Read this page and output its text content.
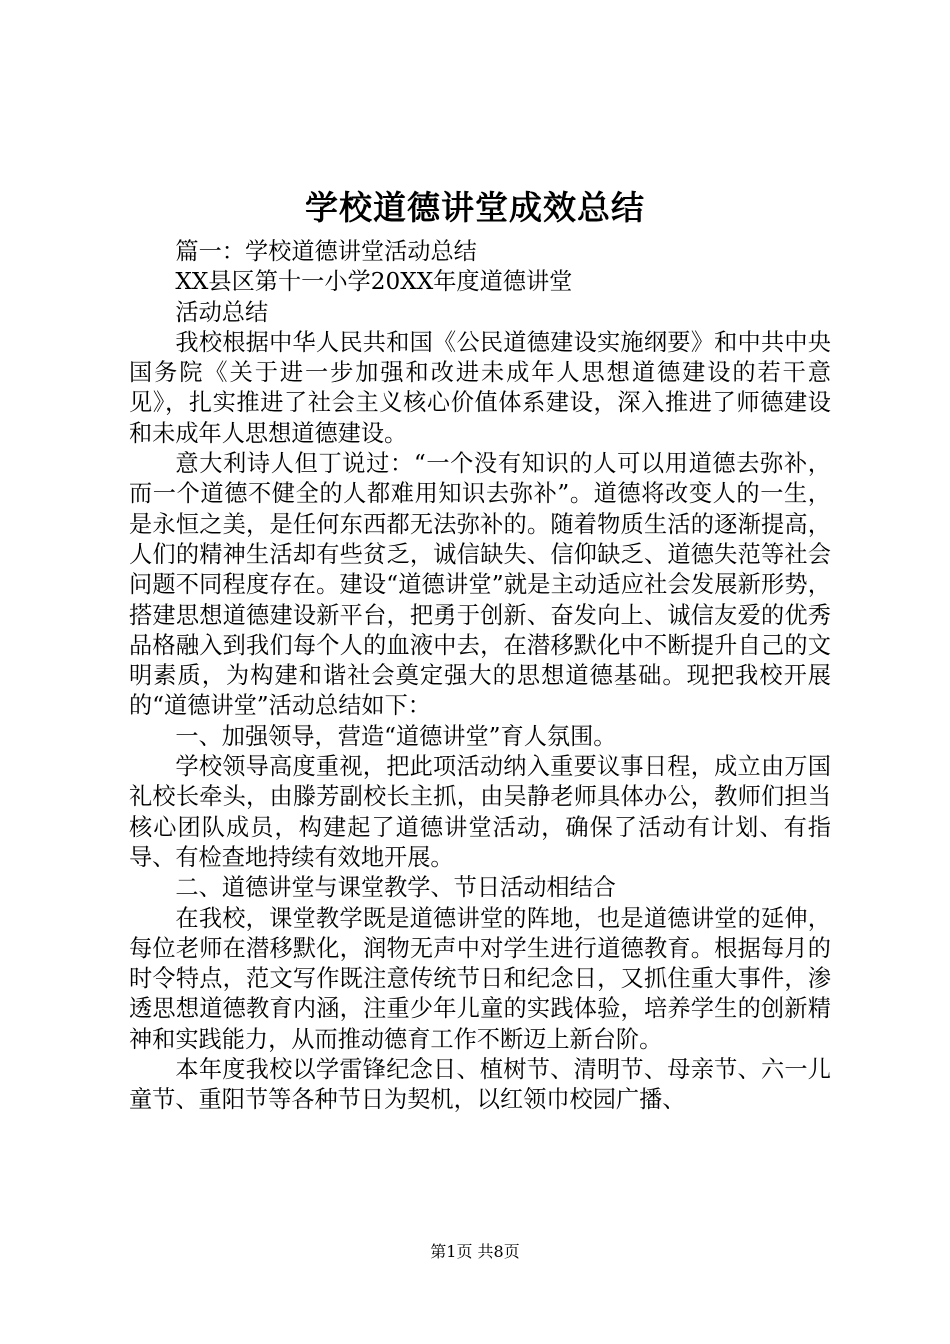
学校道德讲堂成效总结

篇一：学校道德讲堂活动总结

XX县区第十一小学20XX年度道德讲堂

活动总结

我校根据中华人民共和国《公民道德建设实施纲要》和中共中央国务院《关于进一步加强和改进未成年人思想道德建设的若干意见》，扎实推进了社会主义核心价值体系建设，深入推进了师德建设和未成年人思想道德建设。

意大利诗人但丁说过：“一个没有知识的人可以用道德去弥补，而一个道德不健全的人都难用知识去弥补”。道德将改变人的一生，是永恒之美，是任何东西都无法弥补的。随着物质生活的逐渐提高，人们的精神生活却有些贫乏，诚信缺失、信仰缺乏、道德失范等社会问题不同程度存在。建设“道德讲堂”就是主动适应社会发展新形势，搭建思想道德建设新平台，把勇于创新、奋发向上、诚信友爱的优秀品格融入到我们每个人的血液中去，在潜移默化中不断提升自己的文明素质，为构建和谐社会奠定强大的思想道德基础。现把我校开展的“道德讲堂”活动总结如下：

一、加强领导，营造“道德讲堂”育人氛围。

学校领导高度重视，把此项活动纳入重要议事日程，成立由万国礼校长牵头，由滕芳副校长主抓，由吴静老师具体办公，教师们担当核心团队成员，构建起了道德讲堂活动，确保了活动有计划、有指导、有检查地持续有效地开展。

二、道德讲堂与课堂教学、节日活动相结合

在我校，课堂教学既是道德讲堂的阵地，也是道德讲堂的延伸，每位老师在潜移默化，润物无声中对学生进行道德教育。根据每月的时令特点，范文写作既注意传统节日和纪念日，又抓住重大事件，渗透思想道德教育内涵，注重少年儿童的实践体验，培养学生的创新精神和实践能力，从而推动德育工作不断迈上新台阶。

本年度我校以学雷锋纪念日、植树节、清明节、母亲节、六一儿童节、重阳节等各种节日为契机，以红领巾校园广播、

第1页 共8页
